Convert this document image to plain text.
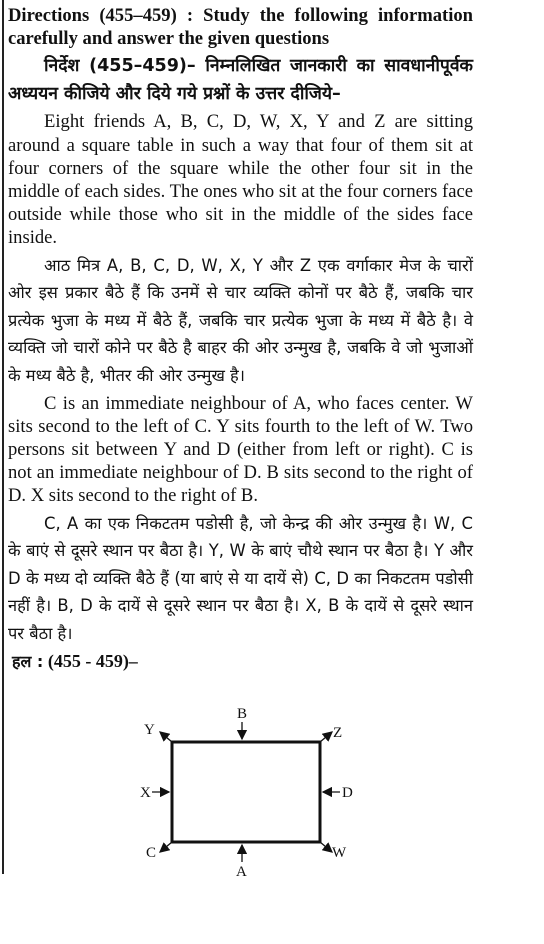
Directions (455–459) : Study the following information carefully and answer the given questions

निर्देश (455–459)– निम्नलिखित जानकारी का सावधानीपूर्वक अध्ययन कीजिये और दिये गये प्रश्नों के उत्तर दीजिये–

Eight friends A, B, C, D, W, X, Y and Z are sitting around a square table in such a way that four of them sit at four corners of the square while the other four sit in the middle of each sides. The ones who sit at the four corners face outside while those who sit in the middle of the sides face inside.

आठ मित्र A, B, C, D, W, X, Y और Z एक वर्गाकार मेज के चारों ओर इस प्रकार बैठे हैं कि उनमें से चार व्यक्ति कोनों पर बैठे हैं, जबकि चार प्रत्येक भुजा के मध्य में बैठे हैं, जबकि चार प्रत्येक भुजा के मध्य में बैठे है। वे व्यक्ति जो चारों कोने पर बैठे है बाहर की ओर उन्मुख है, जबकि वे जो भुजाओं के मध्य बैठे है, भीतर की ओर उन्मुख है।

C is an immediate neighbour of A, who faces center. W sits second to the left of C. Y sits fourth to the left of W. Two persons sit between Y and D (either from left or right). C is not an immediate neighbour of D. B sits second to the right of D. X sits second to the right of B.

C, A का एक निकटतम पडोसी है, जो केन्द्र की ओर उन्मुख है। W, C के बाएं से दूसरे स्थान पर बैठा है। Y, W के बाएं चौथे स्थान पर बैठा है। Y और D के मध्य दो व्यक्ति बैठे हैं (या बाएं से या दायें से) C, D का निकटतम पडोसी नहीं है। B, D के दायें से दूसरे स्थान पर बैठा है। X, B के दायें से दूसरे स्थान पर बैठा है।

हल : (455 - 459)–
B
Y	Z
X	D
C
A
W
